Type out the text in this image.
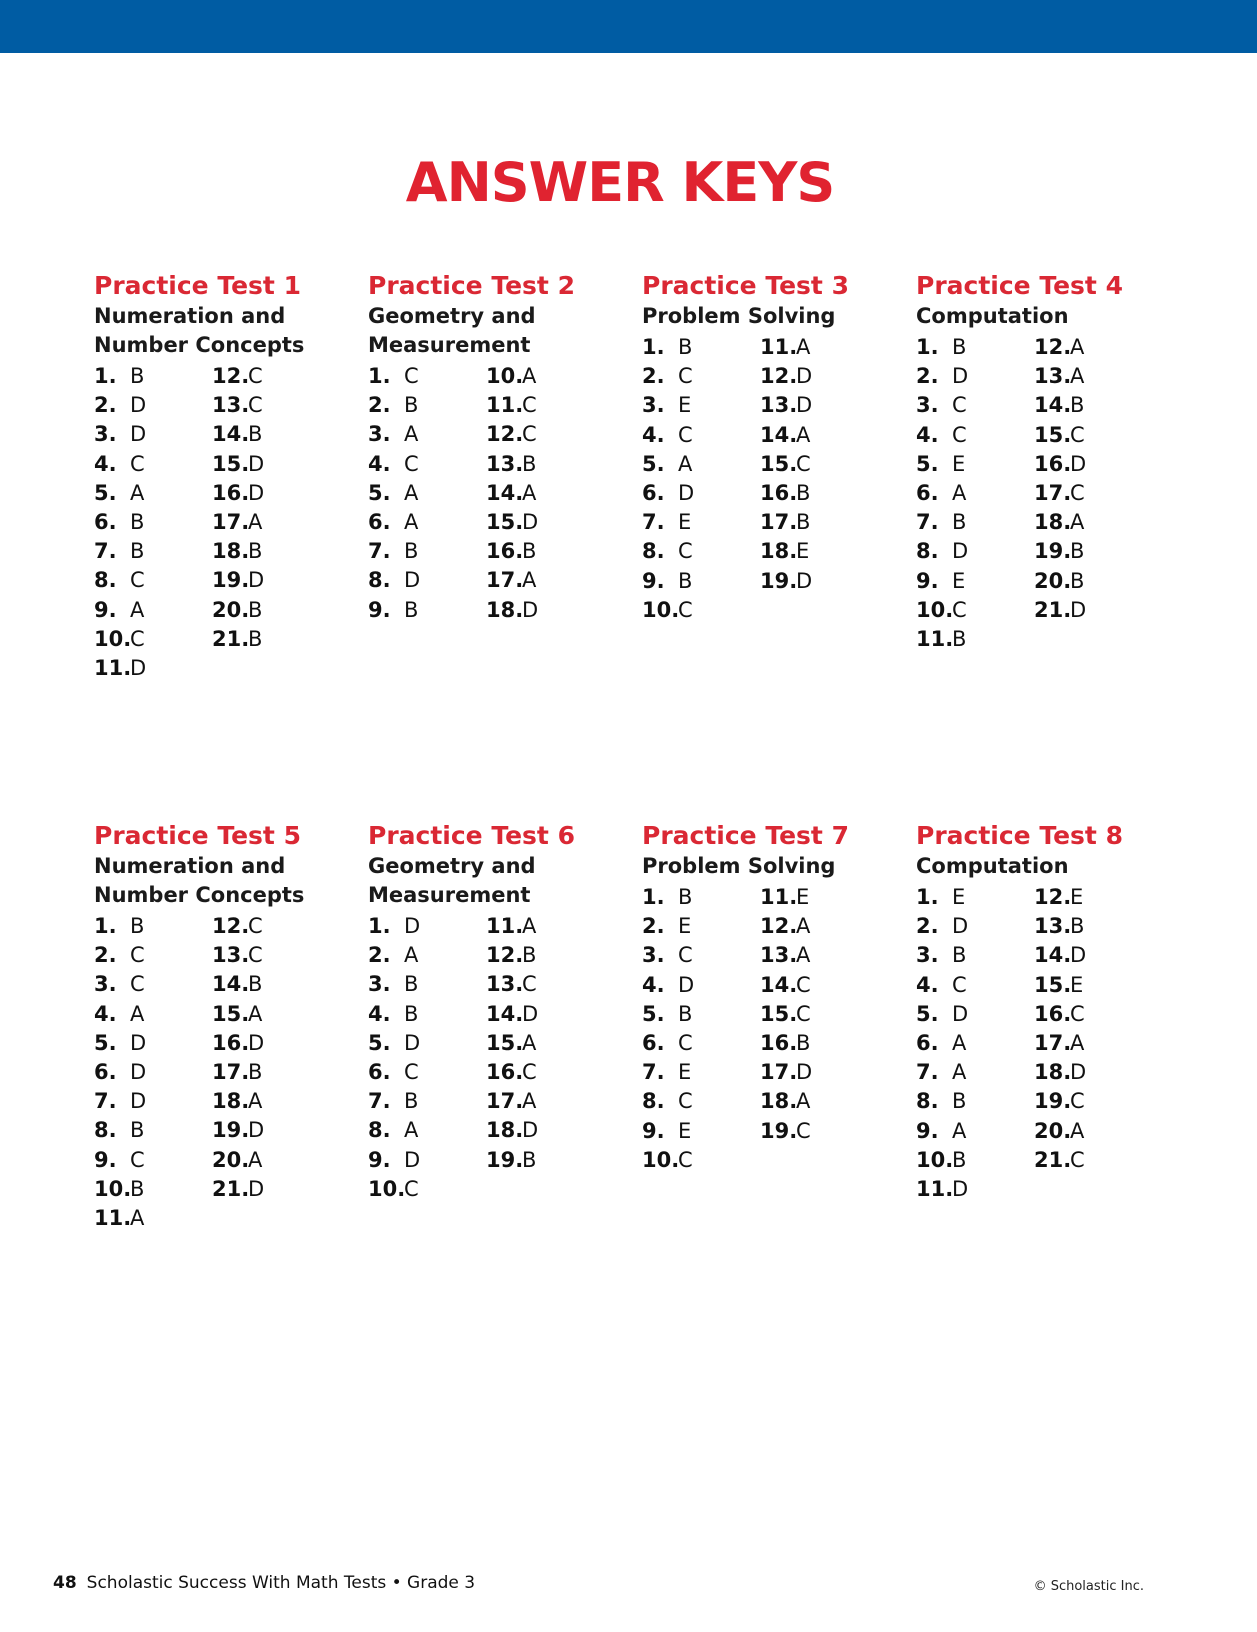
ANSWER KEYS
Practice Test 1
Numeration and Number Concepts
1. B
2. D
3. D
4. C
5. A
6. B
7. B
8. C
9. A
10.C
11.D
12.C
13.C
14.B
15.D
16.D
17.A
18.B
19.D
20.B
21.B
Practice Test 2
Geometry and Measurement
1. C
2. B
3. A
4. C
5. A
6. A
7. B
8. D
9. B
10.A
11.C
12.C
13.B
14.A
15.D
16.B
17.A
18.D
Practice Test 3
Problem Solving
1. B
2. C
3. E
4. C
5. A
6. D
7. E
8. C
9. B
10.C
11.A
12.D
13.D
14.A
15.C
16.B
17.B
18.E
19.D
Practice Test 4
Computation
1. B
2. D
3. C
4. C
5. E
6. A
7. B
8. D
9. E
10.C
11.B
12.A
13.A
14.B
15.C
16.D
17.C
18.A
19.B
20.B
21.D
Practice Test 5
Numeration and Number Concepts
1. B
2. C
3. C
4. A
5. D
6. D
7. D
8. B
9. C
10.B
11.A
12.C
13.C
14.B
15.A
16.D
17.B
18.A
19.D
20.A
21.D
Practice Test 6
Geometry and Measurement
1. D
2. A
3. B
4. B
5. D
6. C
7. B
8. A
9. D
10.C
11.A
12.B
13.C
14.D
15.A
16.C
17.A
18.D
19.B
Practice Test 7
Problem Solving
1. B
2. E
3. C
4. D
5. B
6. C
7. E
8. C
9. E
10.C
11.E
12.A
13.A
14.C
15.C
16.B
17.D
18.A
19.C
Practice Test 8
Computation
1. E
2. D
3. B
4. C
5. D
6. A
7. A
8. B
9. A
10.B
11.D
12.E
13.B
14.D
15.E
16.C
17.A
18.D
19.C
20.A
21.C
48 Scholastic Success With Math Tests • Grade 3	© Scholastic Inc.
